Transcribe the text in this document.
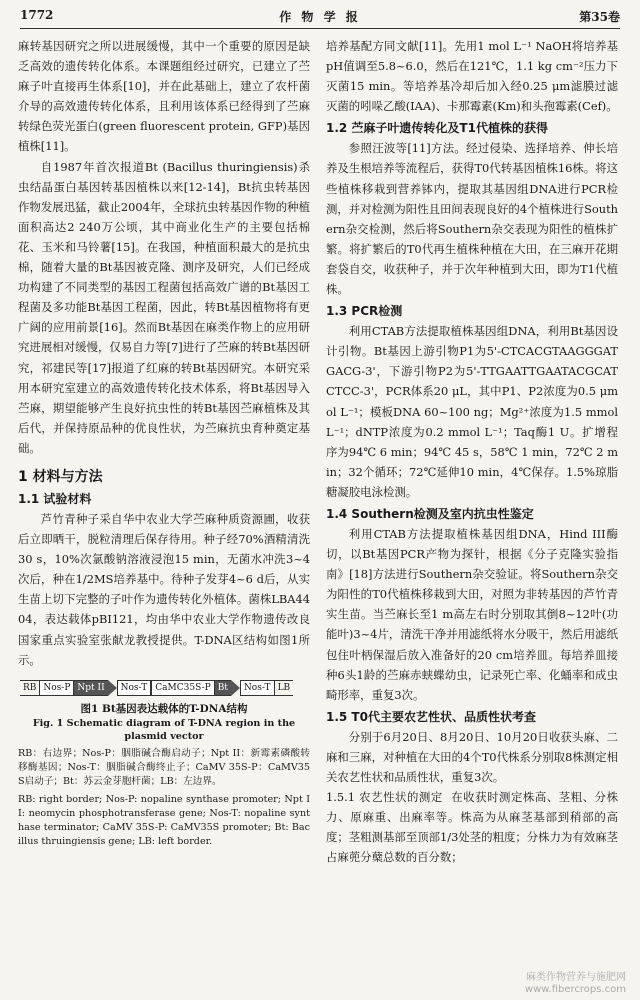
1772	作 物 学 报	第35卷

麻转基因研究之所以进展缓慢，其中一个重要的原因是缺乏高效的遗传转化体系。本课题组经过研究，已建立了苎麻子叶直接再生体系[10]，并在此基础上，建立了农杆菌介导的高效遗传转化体系，且利用该体系已经得到了苎麻转绿色荧光蛋白(green fluorescent protein, GFP)基因植株[11]。

自1987年首次报道Bt (Bacillus thuringiensis)杀虫结晶蛋白基因转基因植株以来[12-14]，Bt抗虫转基因作物发展迅猛，截止2004年，全球抗虫转基因作物的种植面积高达2 240万公顷，其中商业化生产的主要包括棉花、玉米和马铃薯[15]。在我国，种植面积最大的是抗虫棉，随着大量的Bt基因被克隆、测序及研究，人们已经成功构建了不同类型的基因工程菌包括高效广谱的Bt基因工程菌及多功能Bt基因工程菌，因此，转Bt基因植物将有更广阔的应用前景[16]。然而Bt基因在麻类作物上的应用研究进展相对缓慢，仅易自力等[7]进行了苎麻的转Bt基因研究，祁建民等[17]报道了红麻的转Bt基因研究。本研究采用本研究室建立的高效遗传转化技术体系，将Bt基因导入苎麻，期望能够产生良好抗虫性的转Bt基因苎麻植株及其后代，并保持原品种的优良性状，为苎麻抗虫育种奠定基础。

1 材料与方法
1.1 试验材料

芦竹青种子采自华中农业大学苎麻种质资源圃，收获后立即晒干，脱粒清理后保存待用。种子经70%酒精清洗30 s，10%次氯酸钠溶液浸泡15 min，无菌水冲洗3~4次后，种在1/2MS培养基中。待种子发芽4~6 d后，从实生苗上切下完整的子叶作为遗传转化外植体。菌株LBA4404，表达载体pBI121，均由华中农业大学作物遗传改良国家重点实验室张献龙教授提供。T-DNA区结构如图1所示。

RB Nos-P Npt II	Nos-T CaMC35S-P Bt	Nos-T LB
图1 Bt基因表达载体的T-DNA结构
Fig. 1 Schematic diagram of T-DNA region in the plasmid vector

RB：右边界；Nos-P：胭脂碱合酶启动子；Npt II：新霉素磷酸转移酶基因；Nos-T：胭脂碱合酶终止子；CaMV 35S-P：CaMV35S启动子；Bt：苏云金芽胞杆菌；LB：左边界。

RB: right border; Nos-P: nopaline synthase promoter; Npt II: neomycin phosphotransferase gene; Nos-T: nopaline synthase terminator; CaMV 35S-P: CaMV35S promoter; Bt: Bacillus thruingiensis gene; LB: left border.

培养基配方同文献[11]。先用1 mol L⁻¹ NaOH将培养基pH值调至5.8~6.0，然后在121℃，1.1 kg cm⁻²压力下灭菌15 min。等培养基冷却后加入经0.25 μm滤膜过滤灭菌的吲哚乙酸(IAA)、卡那霉素(Km)和头孢霉素(Cef)。

1.2 苎麻子叶遗传转化及T1代植株的获得

参照汪波等[11]方法。经过侵染、选择培养、伸长培养及生根培养等流程后，获得T0代转基因植株16株。将这些植株移栽到营养钵内，提取其基因组DNA进行PCR检测，并对检测为阳性且田间表现良好的4个植株进行Southern杂交检测，然后将Southern杂交表现为阳性的植株扩繁。将扩繁后的T0代再生植株种植在大田，在三麻开花期套袋自交，收获种子，并于次年种植到大田，即为T1代植株。

1.3 PCR检测

利用CTAB方法提取植株基因组DNA，利用Bt基因设计引物。Bt基因上游引物P1为5'-CTCACGTAAGGGATGACG-3'，下游引物P2为5'-TTGAATTGAATACGCATCTCC-3'，PCR体系20 μL，其中P1、P2浓度为0.5 μmol L⁻¹；模板DNA 60~100 ng；Mg²⁺浓度为1.5 mmol L⁻¹；dNTP浓度为0.2 mmol L⁻¹；Taq酶1 U。扩增程序为94℃ 6 min；94℃ 45 s，58℃ 1 min，72℃ 2 min；32个循环；72℃延伸10 min，4℃保存。1.5%琼脂糖凝胶电泳检测。

1.4 Southern检测及室内抗虫性鉴定

利用CTAB方法提取植株基因组DNA，Hind III酶切，以Bt基因PCR产物为探针，根据《分子克隆实验指南》[18]方法进行Southern杂交验证。将Southern杂交为阳性的T0代植株移栽到大田，对照为非转基因的芦竹青实生苗。当苎麻长至1 m高左右时分别取其倒8~12叶(功能叶)3~4片，清洗干净并用滤纸将水分吸干，然后用滤纸包住叶柄保湿后放入准备好的20 cm培养皿。每培养皿接种6头1龄的苎麻赤蛱蝶幼虫，记录死亡率、化蛹率和成虫畸形率，重复3次。

1.5 T0代主要农艺性状、品质性状考查

分别于6月20日、8月20日、10月20日收获头麻、二麻和三麻，对种植在大田的4个T0代株系分别取8株测定相关农艺性状和品质性状，重复3次。

1.5.1 农艺性状的测定 在收获时测定株高、茎粗、分株力、原麻重、出麻率等。株高为从麻茎基部到稍部的高度；茎粗测基部至顶部1/3处茎的粗度；分株力为有效麻茎占麻蔸分蘖总数的百分数；

麻类作物营养与施肥网
www.fibercrops.com
